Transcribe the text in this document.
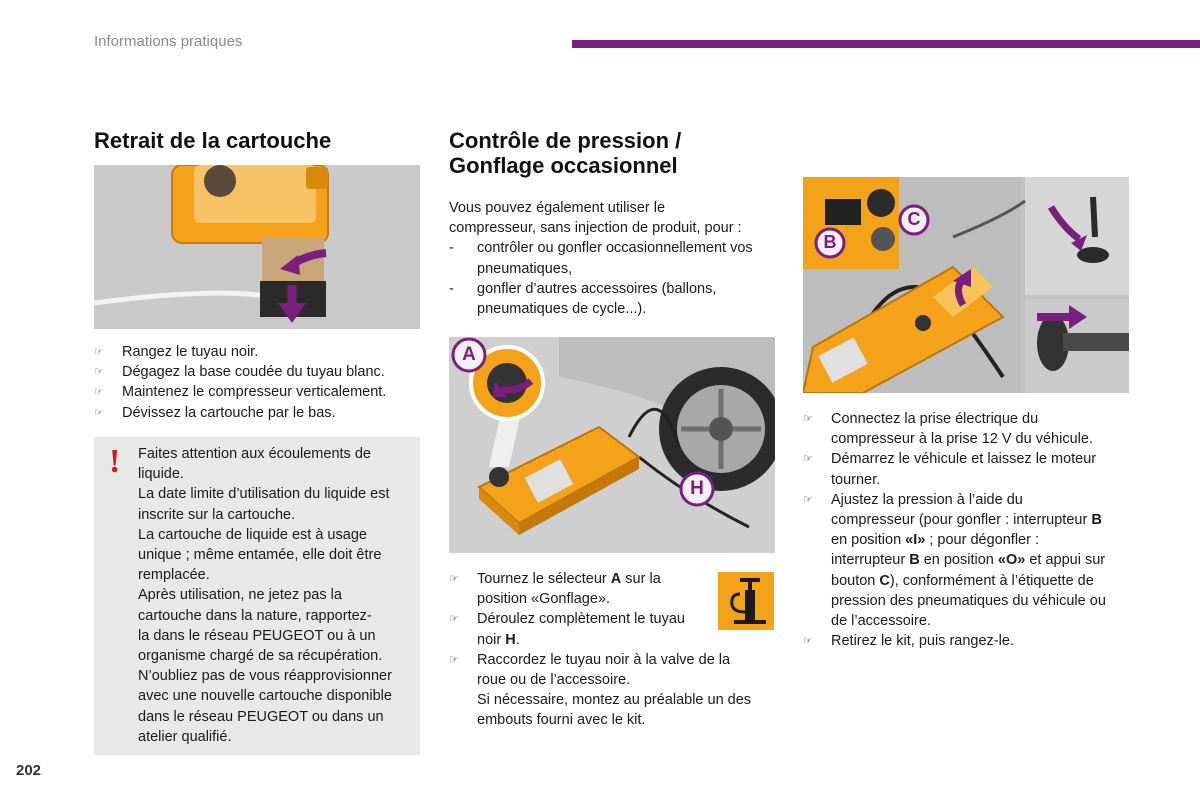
Informations pratiques
Retrait de la cartouche
☞ Rangez le tuyau noir.
☞ Dégagez la base coudée du tuyau blanc.
☞ Maintenez le compresseur verticalement.
☞ Dévissez la cartouche par le bas.
! Faites attention aux écoulements de
liquide.
La date limite d’utilisation du liquide est
inscrite sur la cartouche.
La cartouche de liquide est à usage
unique ; même entamée, elle doit être
remplacée.
Après utilisation, ne jetez pas la
cartouche dans la nature, rapportez-
la dans le réseau PEUGEOT ou à un
organisme chargé de sa récupération.
N’oubliez pas de vous réapprovisionner
avec une nouvelle cartouche disponible
dans le réseau PEUGEOT ou dans un
atelier qualifié.
Contrôle de pression /
Gonflage occasionnel
Vous pouvez également utiliser le
compresseur, sans injection de produit, pour :
- contrôler ou gonfler occasionnellement vos
pneumatiques,
- gonfler d’autres accessoires (ballons,
pneumatiques de cycle...).
A
H
☞ Tournez le sélecteur A sur la
position «Gonflage».
☞ Déroulez complètement le tuyau
noir H.
☞ Raccordez le tuyau noir à la valve de la
roue ou de l’accessoire.
Si nécessaire, montez au préalable un des
embouts fourni avec le kit.
B
C
☞ Connectez la prise électrique du
compresseur à la prise 12 V du véhicule.
☞ Démarrez le véhicule et laissez le moteur
tourner.
☞ Ajustez la pression à l’aide du
compresseur (pour gonfler : interrupteur B
en position «I» ; pour dégonfler :
interrupteur B en position «O» et appui sur
bouton C), conformément à l’étiquette de
pression des pneumatiques du véhicule ou
de l’accessoire.
☞ Retirez le kit, puis rangez-le.
202
